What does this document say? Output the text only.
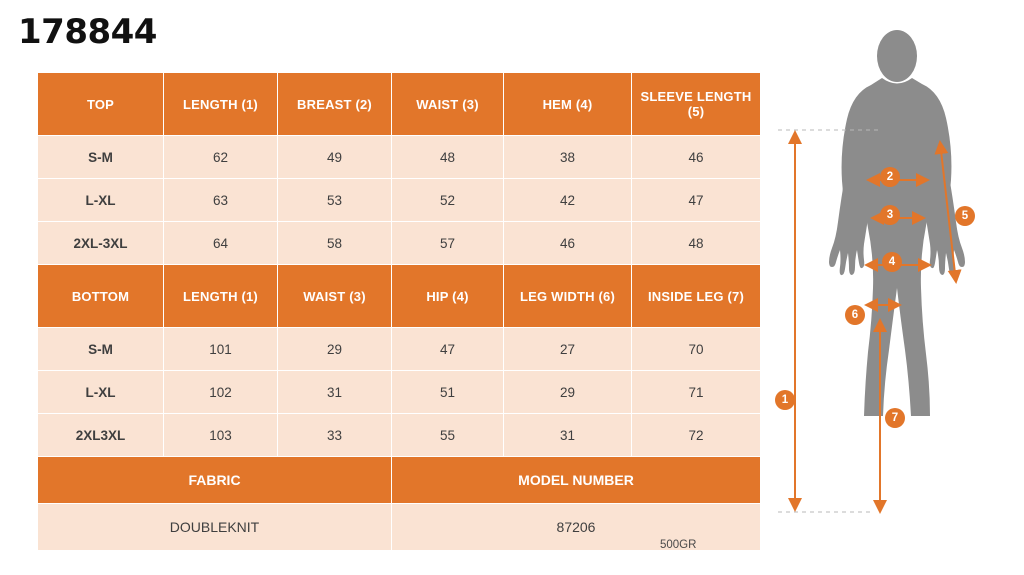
178844
TOP	LENGTH (1)	BREAST (2)	WAIST (3)	HEM (4)	SLEEVE LENGTH (5)
S-M	62	49	48	38	46
L-XL	63	53	52	42	47
2XL-3XL	64	58	57	46	48
BOTTOM	LENGTH (1)	WAIST (3)	HIP (4)	LEG WIDTH (6)	INSIDE LEG (7)
S-M	101	29	47	27	70
L-XL	102	31	51	29	71
2XL3XL	103	33	55	31	72
FABRIC			MODEL NUMBER		
DOUBLEKNIT			87206		
500GR
1
2
3
4
5
6
7
